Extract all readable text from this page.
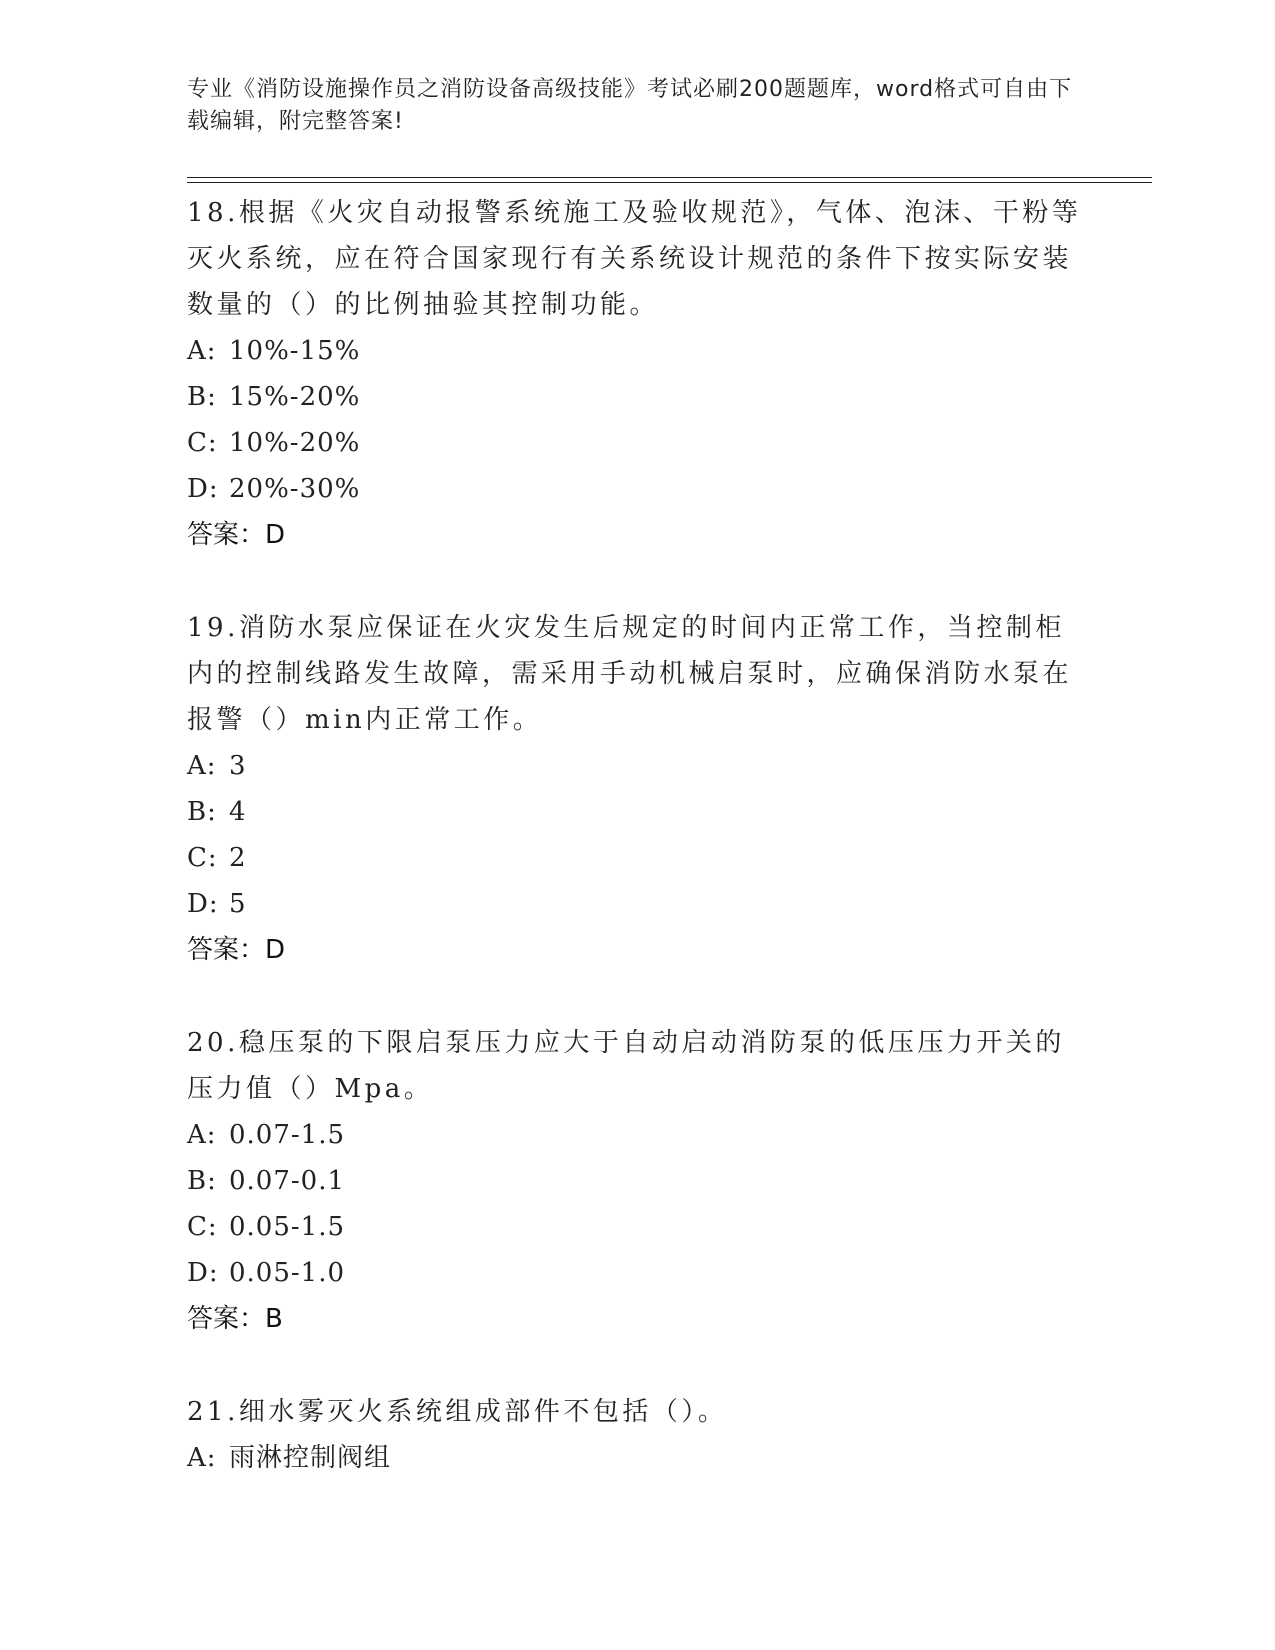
专业《消防设施操作员之消防设备高级技能》考试必刷200题题库，word格式可自由下载编辑，附完整答案!
18.根据《火灾自动报警系统施工及验收规范》，气体、泡沫、干粉等灭火系统，应在符合国家现行有关系统设计规范的条件下按实际安装数量的（）的比例抽验其控制功能。
A: 10%-15%
B: 15%-20%
C: 10%-20%
D: 20%-30%
答案：D
19.消防水泵应保证在火灾发生后规定的时间内正常工作，当控制柜内的控制线路发生故障，需采用手动机械启泵时，应确保消防水泵在报警（）min内正常工作。
A: 3
B: 4
C: 2
D: 5
答案：D
20.稳压泵的下限启泵压力应大于自动启动消防泵的低压压力开关的压力值（）Mpa。
A: 0.07-1.5
B: 0.07-0.1
C: 0.05-1.5
D: 0.05-1.0
答案：B
21.细水雾灭火系统组成部件不包括（）。
A: 雨淋控制阀组
